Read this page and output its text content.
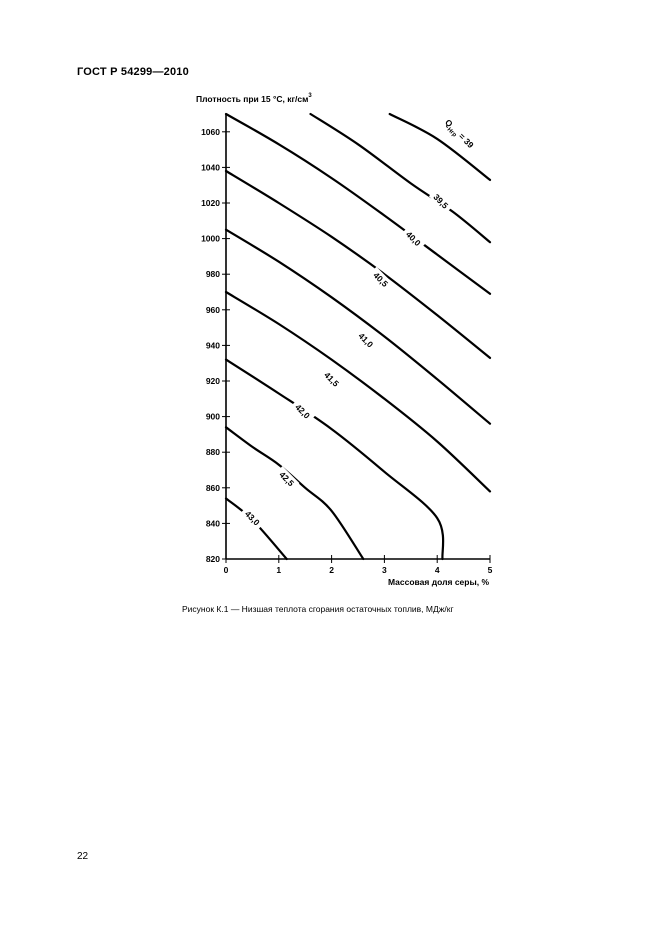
ГОСТ Р 54299—2010
Плотность при 15 °С, $кг/см^3$
820
840
860
880
900
920
940
960
980
1000
1020
1040
1060
0	1	2	3	4	5
$Q_{Hгр} = 39$
39,5
40,0
40,5
41,0
41,5
42,0
42,5
43,0
Массовая доля серы, %
Рисунок К.1 — Низшая теплота сгорания остаточных топлив, МДж/кг
22
